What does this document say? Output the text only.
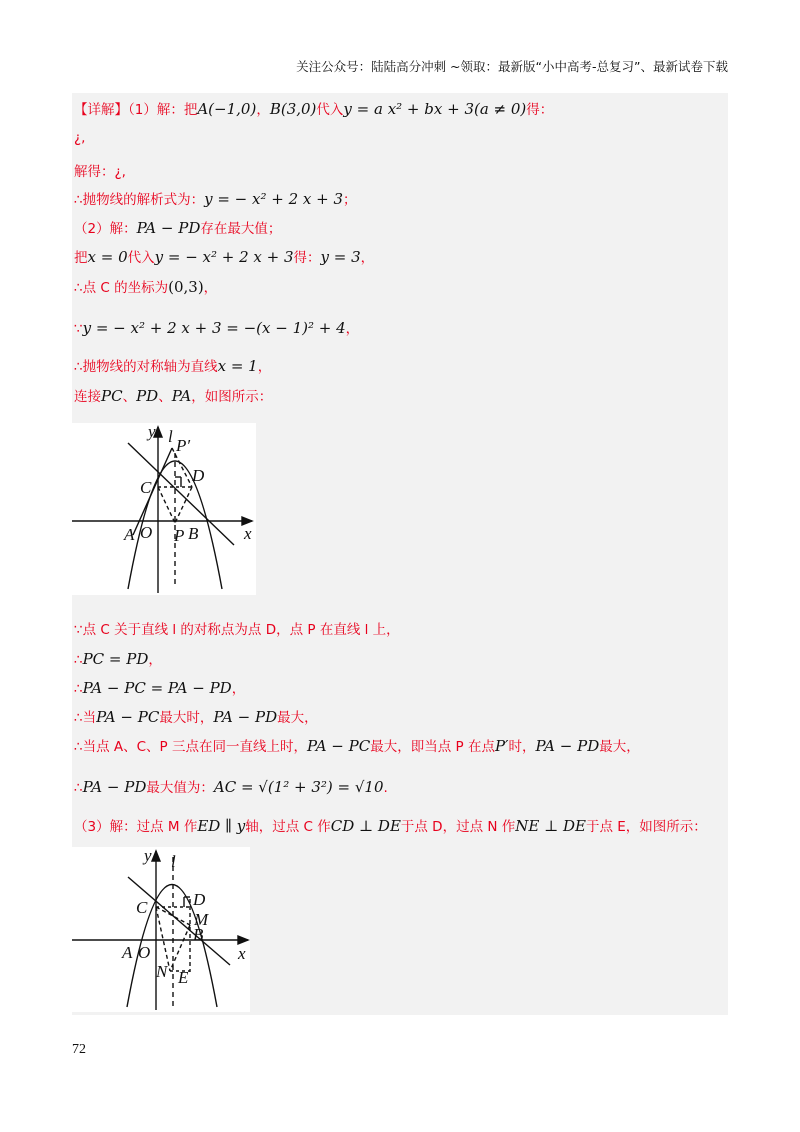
关注公众号：陆陆高分冲刺 ~领取：最新版“小中高考-总复习”、最新试卷下载
【详解】（1）解：把A(−1,0)，B(3,0)代入y = a x² + bx + 3(a ≠ 0)得：
¿,
解得：¿,
∴抛物线的解析式为：y = − x² + 2 x + 3；
（2）解：PA − PD存在最大值；
把x = 0代入y = − x² + 2 x + 3得：y = 3，
∴点 C 的坐标为(0,3)，
∵y = − x² + 2 x + 3 = −(x − 1)² + 4，
∴抛物线的对称轴为直线x = 1，
连接PC、PD、PA，如图所示：
y l P′
D
C
A O P B	x
∵点 C 关于直线 l 的对称点为点 D，点 P 在直线 l 上，
∴PC = PD，
∴PA − PC = PA − PD，
∴当PA − PC最大时，PA − PD最大，
∴当点 A、C、P 三点在同一直线上时，PA − PC最大，即当点 P 在点P′时，PA − PD最大，
∴PA − PD最大值为：AC = √(1² + 3²) = √10.
（3）解：过点 M 作ED ∥ y轴，过点 C 作CD ⊥ DE于点 D，过点 N 作NE ⊥ DE于点 E，如图所示：
y l
D
C
M
B
A O
N E
x
72
